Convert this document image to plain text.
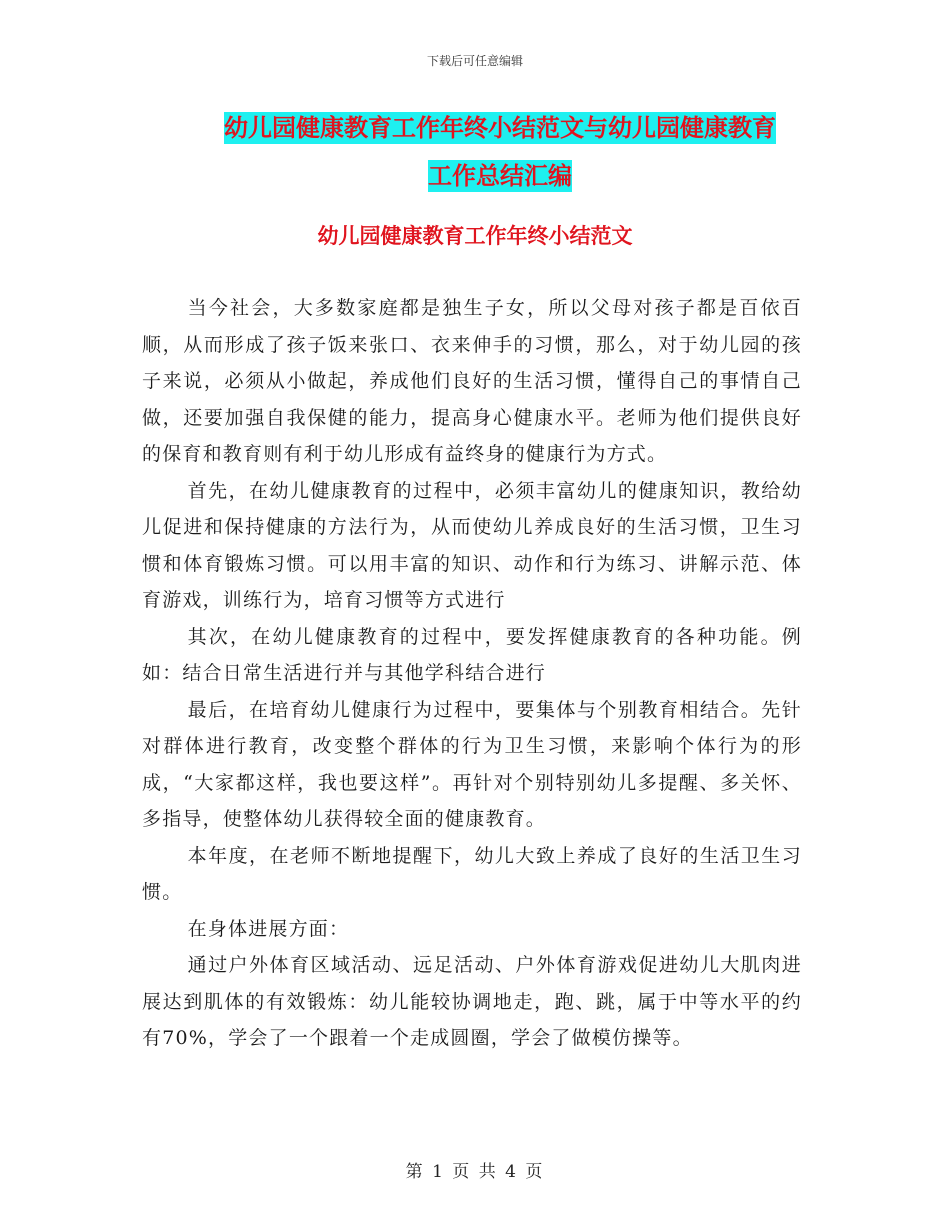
下载后可任意编辑
幼儿园健康教育工作年终小结范文与幼儿园健康教育
工作总结汇编
幼儿园健康教育工作年终小结范文

当今社会，大多数家庭都是独生子女，所以父母对孩子都是百依百顺，从而形成了孩子饭来张口、衣来伸手的习惯，那么，对于幼儿园的孩子来说，必须从小做起，养成他们良好的生活习惯，懂得自己的事情自己做，还要加强自我保健的能力，提高身心健康水平。老师为他们提供良好的保育和教育则有利于幼儿形成有益终身的健康行为方式。

首先，在幼儿健康教育的过程中，必须丰富幼儿的健康知识，教给幼儿促进和保持健康的方法行为，从而使幼儿养成良好的生活习惯，卫生习惯和体育锻炼习惯。可以用丰富的知识、动作和行为练习、讲解示范、体育游戏，训练行为，培育习惯等方式进行

其次，在幼儿健康教育的过程中，要发挥健康教育的各种功能。例如：结合日常生活进行并与其他学科结合进行

最后，在培育幼儿健康行为过程中，要集体与个别教育相结合。先针对群体进行教育，改变整个群体的行为卫生习惯，来影响个体行为的形成，“大家都这样，我也要这样”。再针对个别特别幼儿多提醒、多关怀、多指导，使整体幼儿获得较全面的健康教育。

本年度，在老师不断地提醒下，幼儿大致上养成了良好的生活卫生习惯。

在身体进展方面：

通过户外体育区域活动、远足活动、户外体育游戏促进幼儿大肌肉进展达到肌体的有效锻炼：幼儿能较协调地走，跑、跳，属于中等水平的约有70%，学会了一个跟着一个走成圆圈，学会了做模仿操等。

第 1 页 共 4 页
